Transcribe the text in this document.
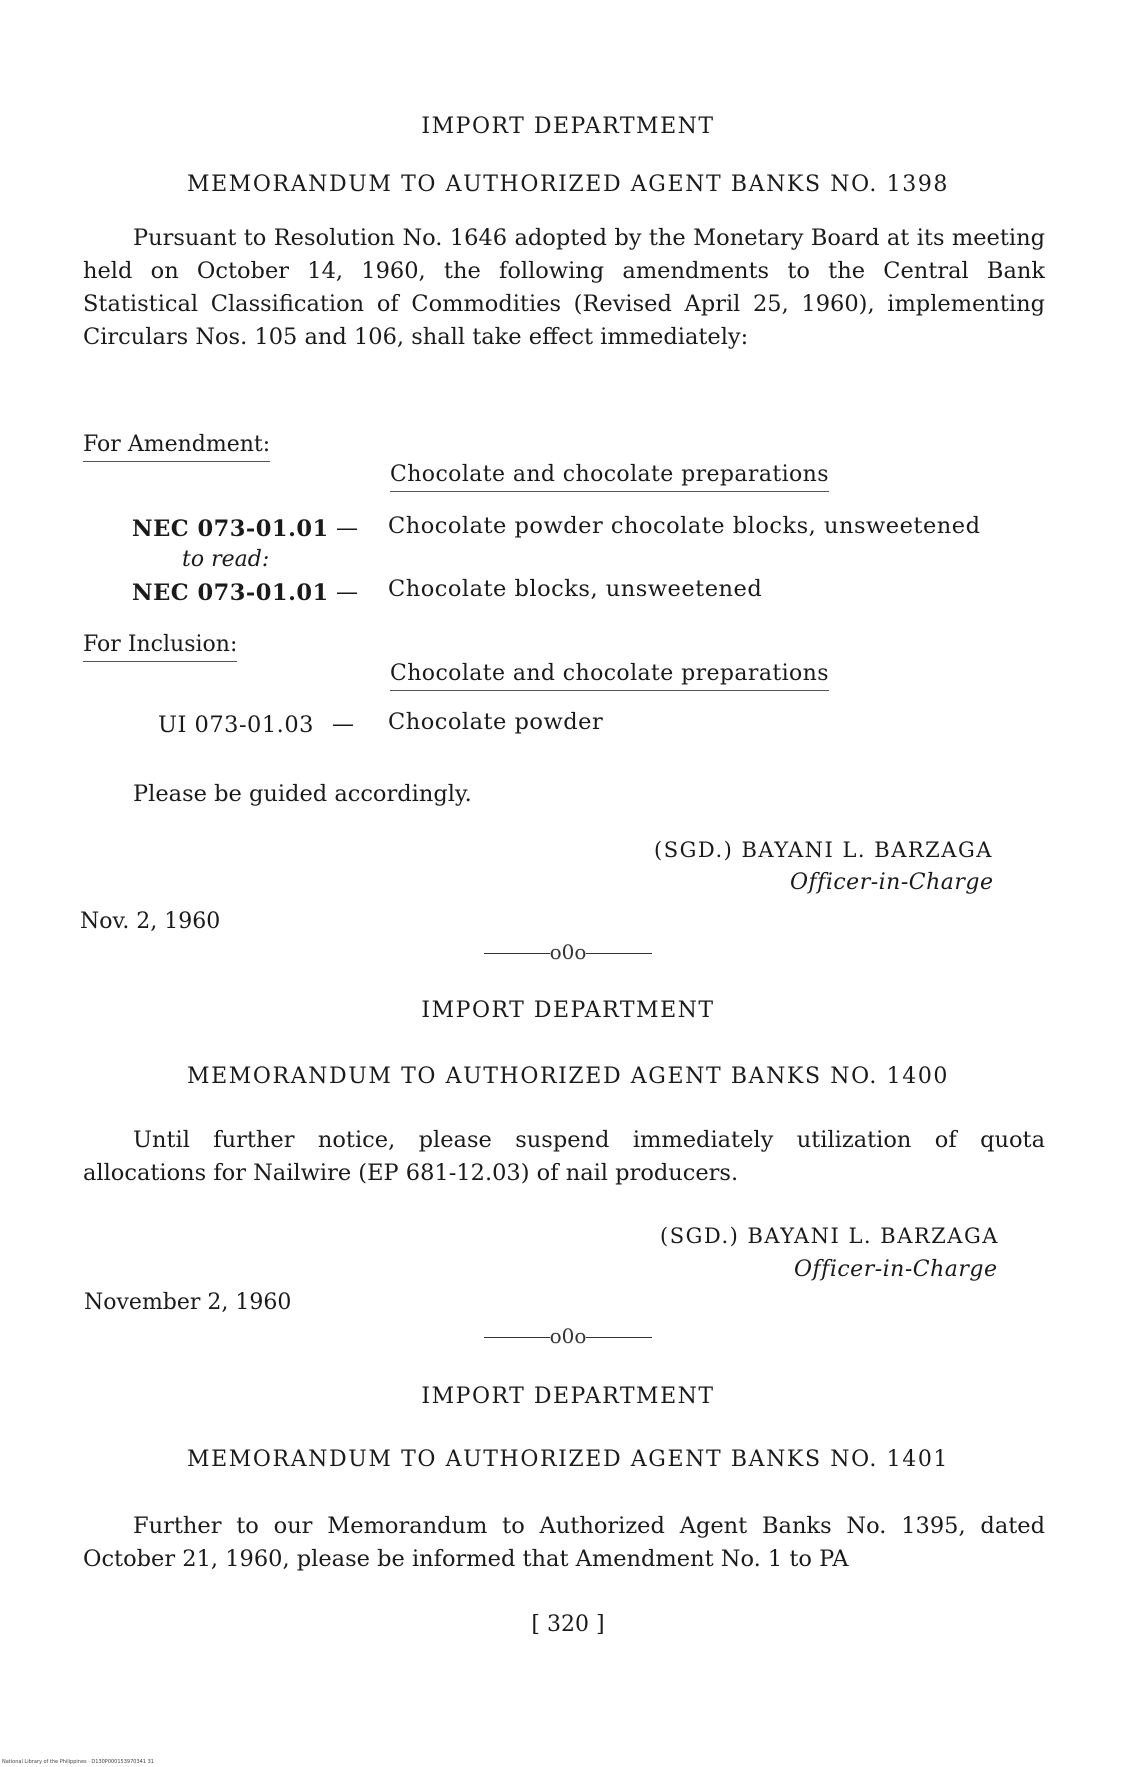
IMPORT DEPARTMENT
MEMORANDUM TO AUTHORIZED AGENT BANKS NO. 1398
Pursuant to Resolution No. 1646 adopted by the Monetary Board at its meeting held on October 14, 1960, the following amendments to the Central Bank Statistical Classification of Commodities (Revised April 25, 1960), implementing Circulars Nos. 105 and 106, shall take effect immediately:
For Amendment:
Chocolate and chocolate preparations
NEC 073-01.01 — Chocolate powder chocolate blocks, unsweetened
to read:
NEC 073-01.01 — Chocolate blocks, unsweetened
For Inclusion:
Chocolate and chocolate preparations
UI 073-01.03 — Chocolate powder
Please be guided accordingly.
(SGD.) BAYANI L. BARZAGA
Officer-in-Charge
Nov. 2, 1960
o0o
IMPORT DEPARTMENT
MEMORANDUM TO AUTHORIZED AGENT BANKS NO. 1400
Until further notice, please suspend immediately utilization of quota allocations for Nailwire (EP 681-12.03) of nail producers.
(SGD.) BAYANI L. BARZAGA
Officer-in-Charge
November 2, 1960
o0o
IMPORT DEPARTMENT
MEMORANDUM TO AUTHORIZED AGENT BANKS NO. 1401
Further to our Memorandum to Authorized Agent Banks No. 1395, dated October 21, 1960, please be informed that Amendment No. 1 to PA
[ 320 ]
National Library of the Philippines · D130P000153970341 31
